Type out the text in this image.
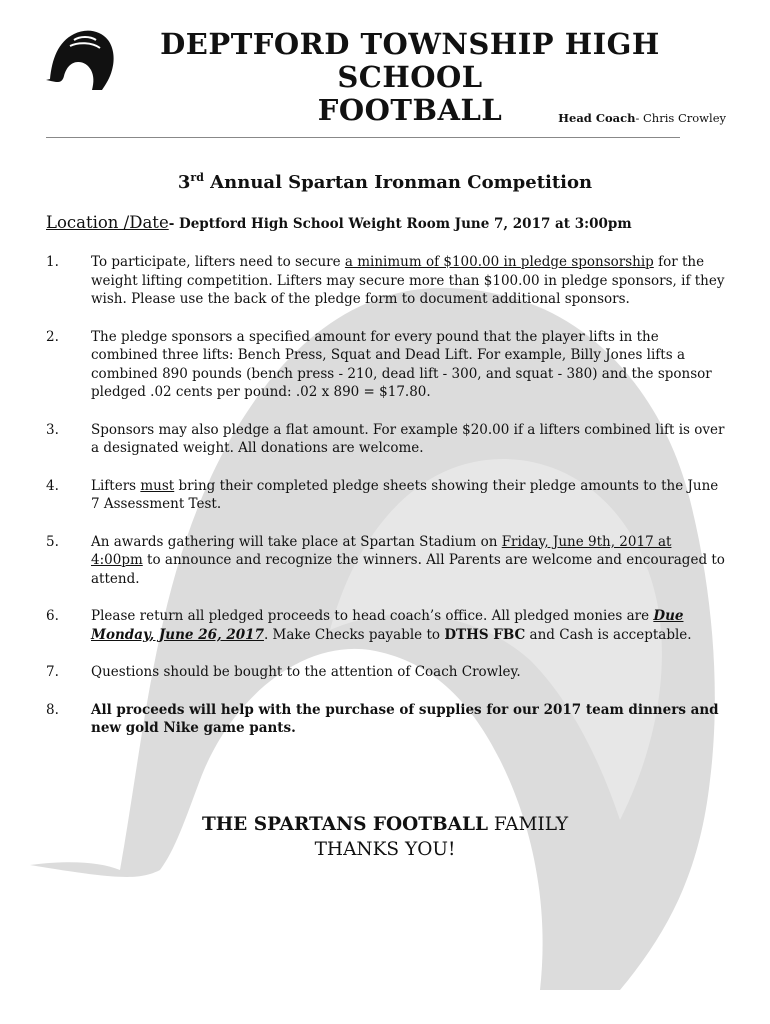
DEPTFORD TOWNSHIP HIGH SCHOOL
FOOTBALL	Head Coach- Chris Crowley
3rd Annual Spartan Ironman Competition
Location /Date- Deptford High School Weight Room June 7, 2017 at 3:00pm
1.	To participate, lifters need to secure a minimum of $100.00 in pledge sponsorship for the weight lifting competition. Lifters may secure more than $100.00 in pledge sponsors, if they wish. Please use the back of the pledge form to document additional sponsors.
2.	The pledge sponsors a specified amount for every pound that the player lifts in the combined three lifts: Bench Press, Squat and Dead Lift. For example, Billy Jones lifts a combined 890 pounds (bench press - 210, dead lift - 300, and squat - 380) and the sponsor pledged .02 cents per pound: .02 x 890 = $17.80.
3.	Sponsors may also pledge a flat amount. For example $20.00 if a lifters combined lift is over a designated weight. All donations are welcome.
4.	Lifters must bring their completed pledge sheets showing their pledge amounts to the June 7 Assessment Test.
5.	An awards gathering will take place at Spartan Stadium on Friday, June 9th, 2017 at 4:00pm to announce and recognize the winners. All Parents are welcome and encouraged to attend.
6.	Please return all pledged proceeds to head coach’s office. All pledged monies are Due Monday, June 26, 2017. Make Checks payable to DTHS FBC and Cash is acceptable.
7.	Questions should be bought to the attention of Coach Crowley.
8.	All proceeds will help with the purchase of supplies for our 2017 team dinners and new gold Nike game pants.
THE SPARTANS FOOTBALL FAMILY
THANKS YOU!
